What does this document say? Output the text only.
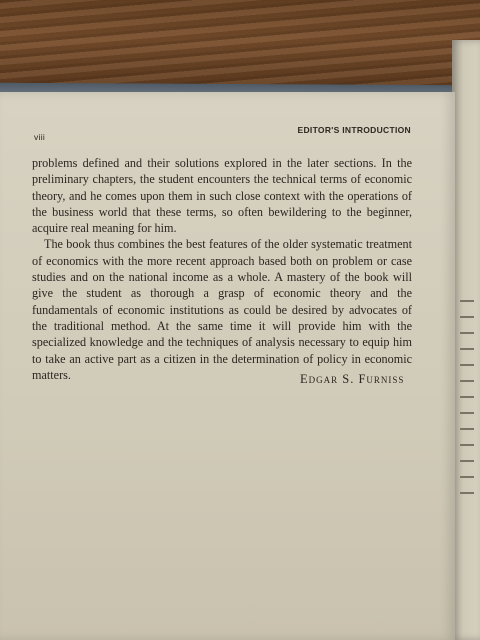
viii
EDITOR'S INTRODUCTION

problems defined and their solutions explored in the later sections. In the preliminary chapters, the student encounters the technical terms of economic theory, and he comes upon them in such close context with the operations of the business world that these terms, so often bewildering to the beginner, acquire real meaning for him.

The book thus combines the best features of the older systematic treatment of economics with the more recent approach based both on problem or case studies and on the national income as a whole. A mastery of the book will give the student as thorough a grasp of economic theory and the fundamentals of economic institutions as could be desired by advocates of the traditional method. At the same time it will provide him with the specialized knowledge and the techniques of analysis necessary to equip him to take an active part as a citizen in the determination of policy in economic matters.	Edgar S. Furniss
